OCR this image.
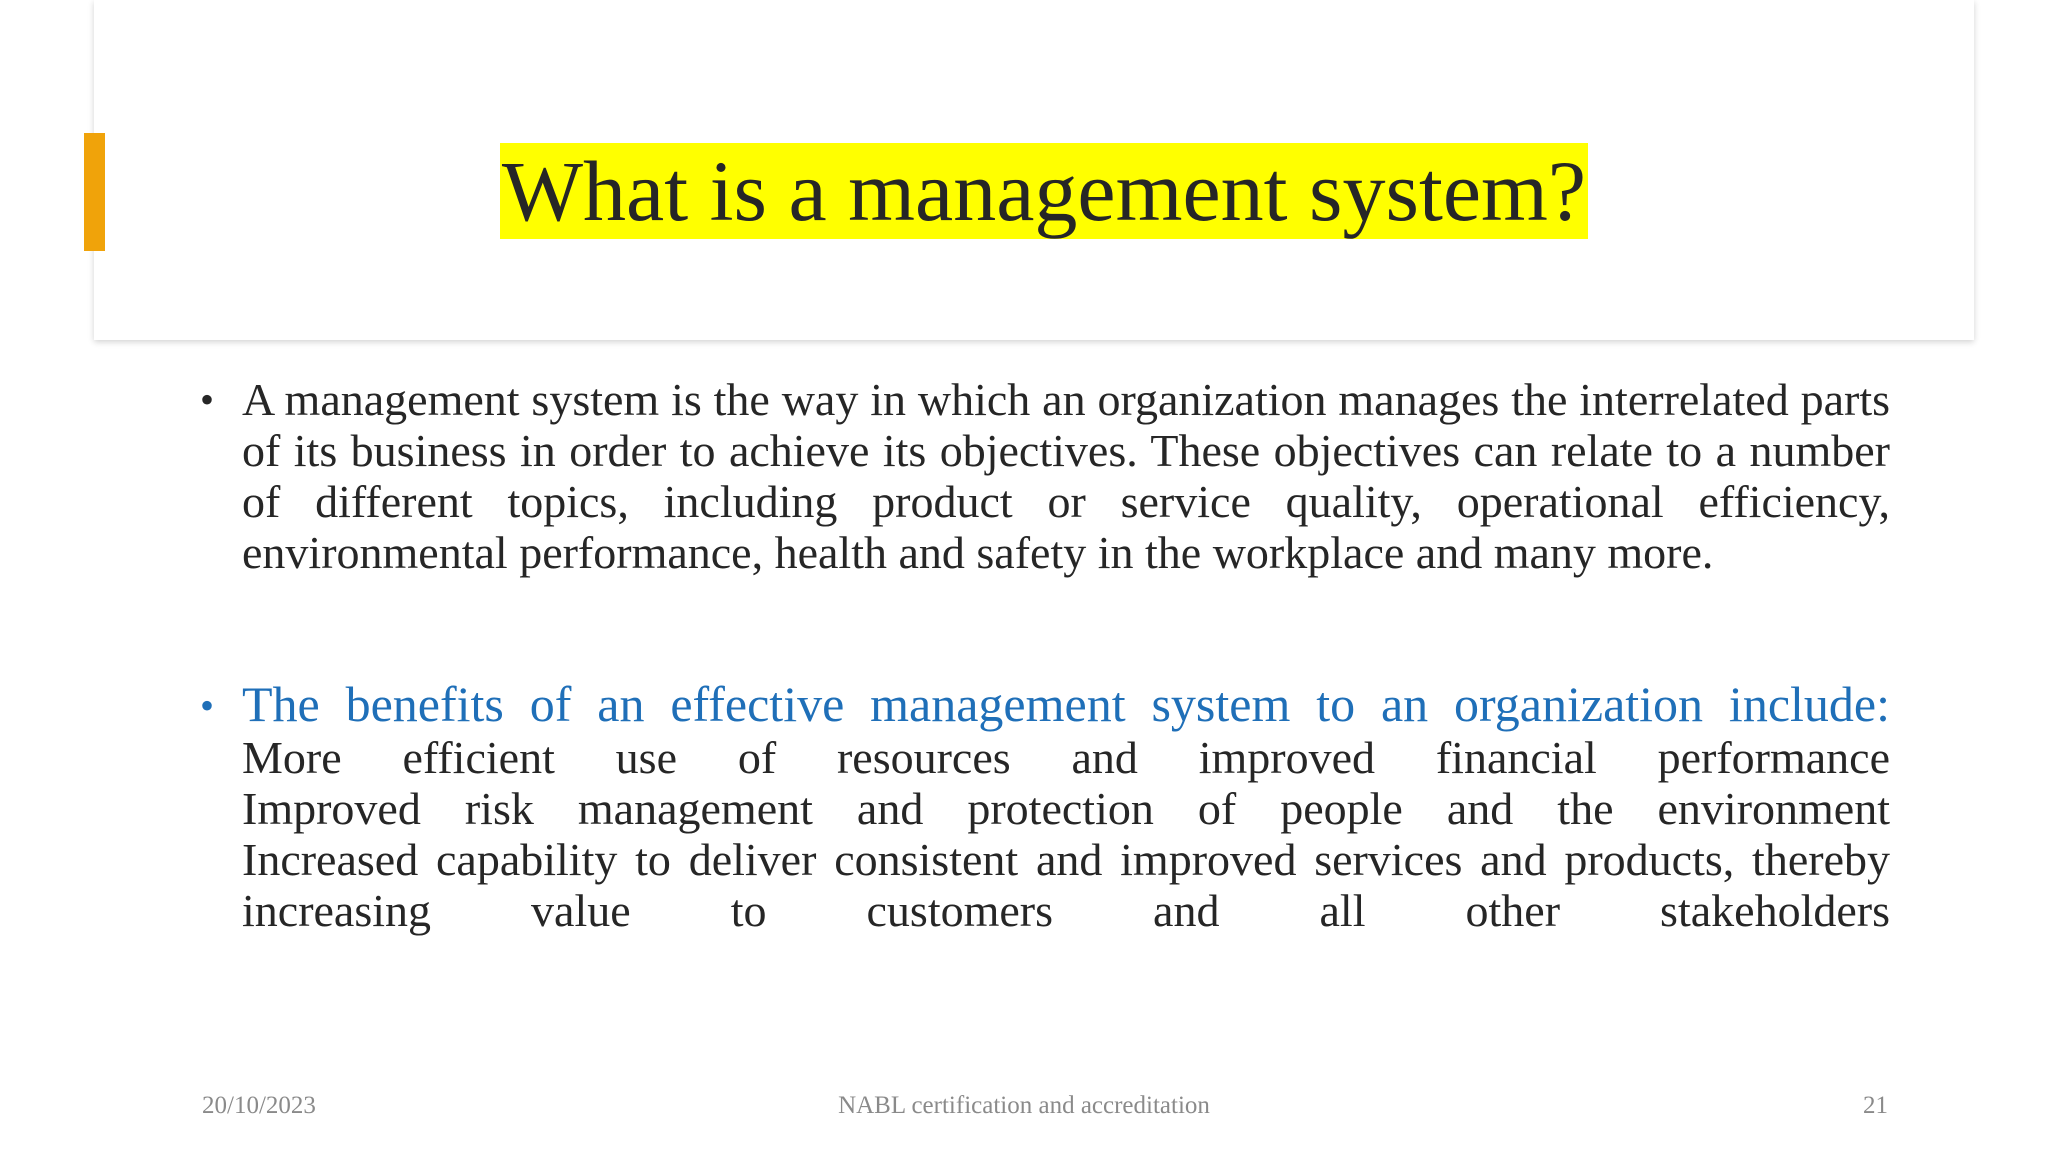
What is a management system?
• A management system is the way in which an organization manages the interrelated parts of its business in order to achieve its objectives. These objectives can relate to a number of different topics, including product or service quality, operational efficiency, environmental performance, health and safety in the workplace and many more.
• The benefits of an effective management system to an organization include:
More efficient use of resources and improved financial performance
Improved risk management and protection of people and the environment
Increased capability to deliver consistent and improved services and products, thereby
increasing value to customers and all other stakeholders
20/10/2023	NABL certification and accreditation	21
